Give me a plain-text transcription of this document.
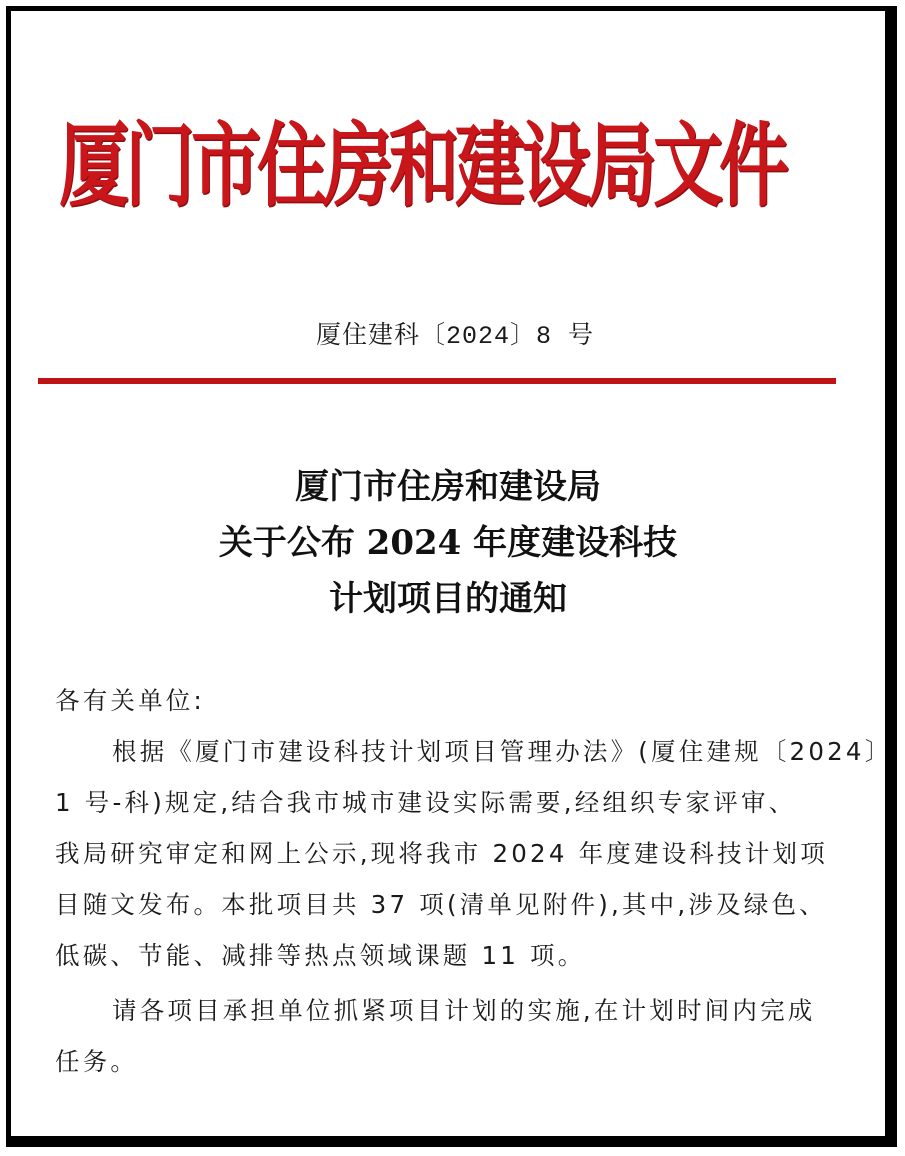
厦门市住房和建设局文件
厦住建科〔2024〕8 号
厦门市住房和建设局
关于公布 2024 年度建设科技
计划项目的通知

各有关单位:

根据《厦门市建设科技计划项目管理办法》(厦住建规〔2024〕
1 号-科)规定,结合我市城市建设实际需要,经组织专家评审、
我局研究审定和网上公示,现将我市 2024 年度建设科技计划项
目随文发布。本批项目共 37 项(清单见附件),其中,涉及绿色、
低碳、节能、减排等热点领域课题 11 项。

请各项目承担单位抓紧项目计划的实施,在计划时间内完成
任务。
